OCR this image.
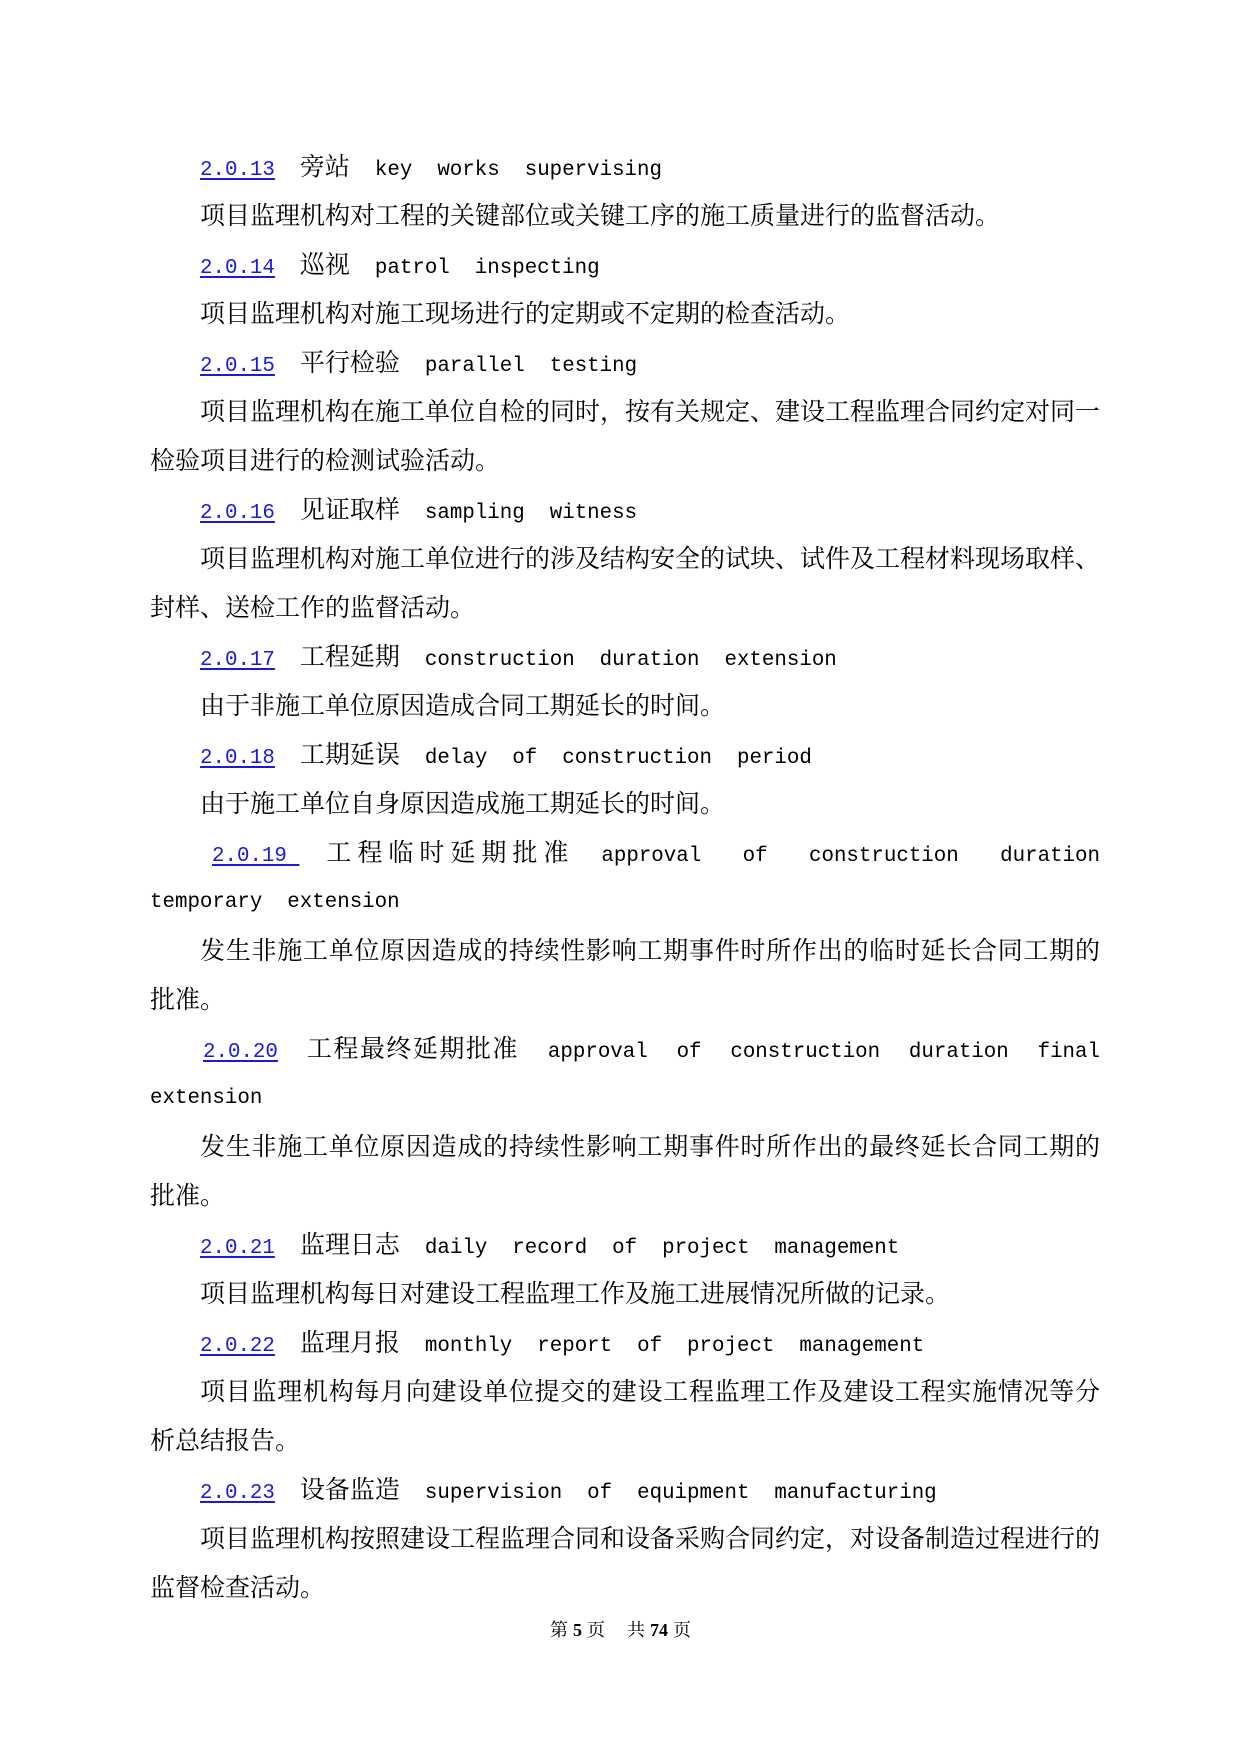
2.0.13 旁站 key works supervising
项目监理机构对工程的关键部位或关键工序的施工质量进行的监督活动。
2.0.14 巡视 patrol inspecting
项目监理机构对施工现场进行的定期或不定期的检查活动。
2.0.15 平行检验 parallel testing
项目监理机构在施工单位自检的同时，按有关规定、建设工程监理合同约定对同一
检验项目进行的检测试验活动。
2.0.16 见证取样 sampling witness
项目监理机构对施工单位进行的涉及结构安全的试块、试件及工程材料现场取样、
封样、送检工作的监督活动。
2.0.17 工程延期 construction duration extension
由于非施工单位原因造成合同工期延长的时间。
2.0.18 工期延误 delay of construction period
由于施工单位自身原因造成施工期延长的时间。
2.0.19	工程临时延期批准 approval of construction duration
temporary extension
发生非施工单位原因造成的持续性影响工期事件时所作出的临时延长合同工期的
批准。
2.0.20 工程最终延期批准 approval of construction duration final
extension
发生非施工单位原因造成的持续性影响工期事件时所作出的最终延长合同工期的
批准。
2.0.21 监理日志 daily record of project management
项目监理机构每日对建设工程监理工作及施工进展情况所做的记录。
2.0.22 监理月报 monthly report of project management
项目监理机构每月向建设单位提交的建设工程监理工作及建设工程实施情况等分
析总结报告。
2.0.23 设备监造 supervision of equipment manufacturing
项目监理机构按照建设工程监理合同和设备采购合同约定，对设备制造过程进行的
监督检查活动。
第 5 页 共 74 页
